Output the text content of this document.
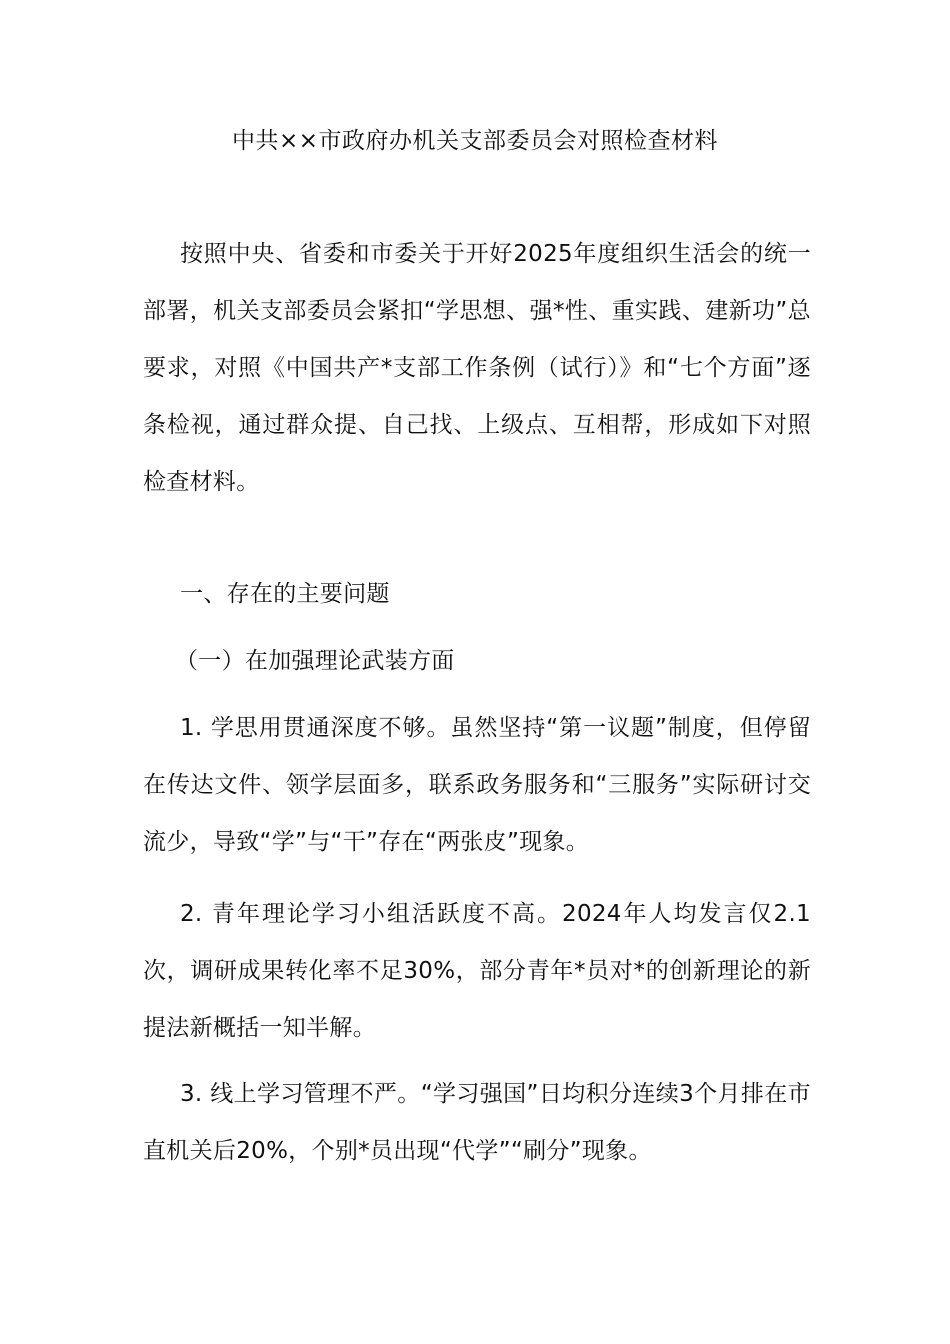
中共××市政府办机关支部委员会对照检查材料

按照中央、省委和市委关于开好2025年度组织生活会的统一部署，机关支部委员会紧扣“学思想、强*性、重实践、建新功”总要求，对照《中国共产*支部工作条例（试行）》和“七个方面”逐条检视，通过群众提、自己找、上级点、互相帮，形成如下对照检查材料。

一、存在的主要问题

（一）在加强理论武装方面

1. 学思用贯通深度不够。虽然坚持“第一议题”制度，但停留在传达文件、领学层面多，联系政务服务和“三服务”实际研讨交流少，导致“学”与“干”存在“两张皮”现象。

2. 青年理论学习小组活跃度不高。2024年人均发言仅2.1次，调研成果转化率不足30%，部分青年*员对*的创新理论的新提法新概括一知半解。

3. 线上学习管理不严。“学习强国”日均积分连续3个月排在市直机关后20%，个别*员出现“代学”“刷分”现象。
